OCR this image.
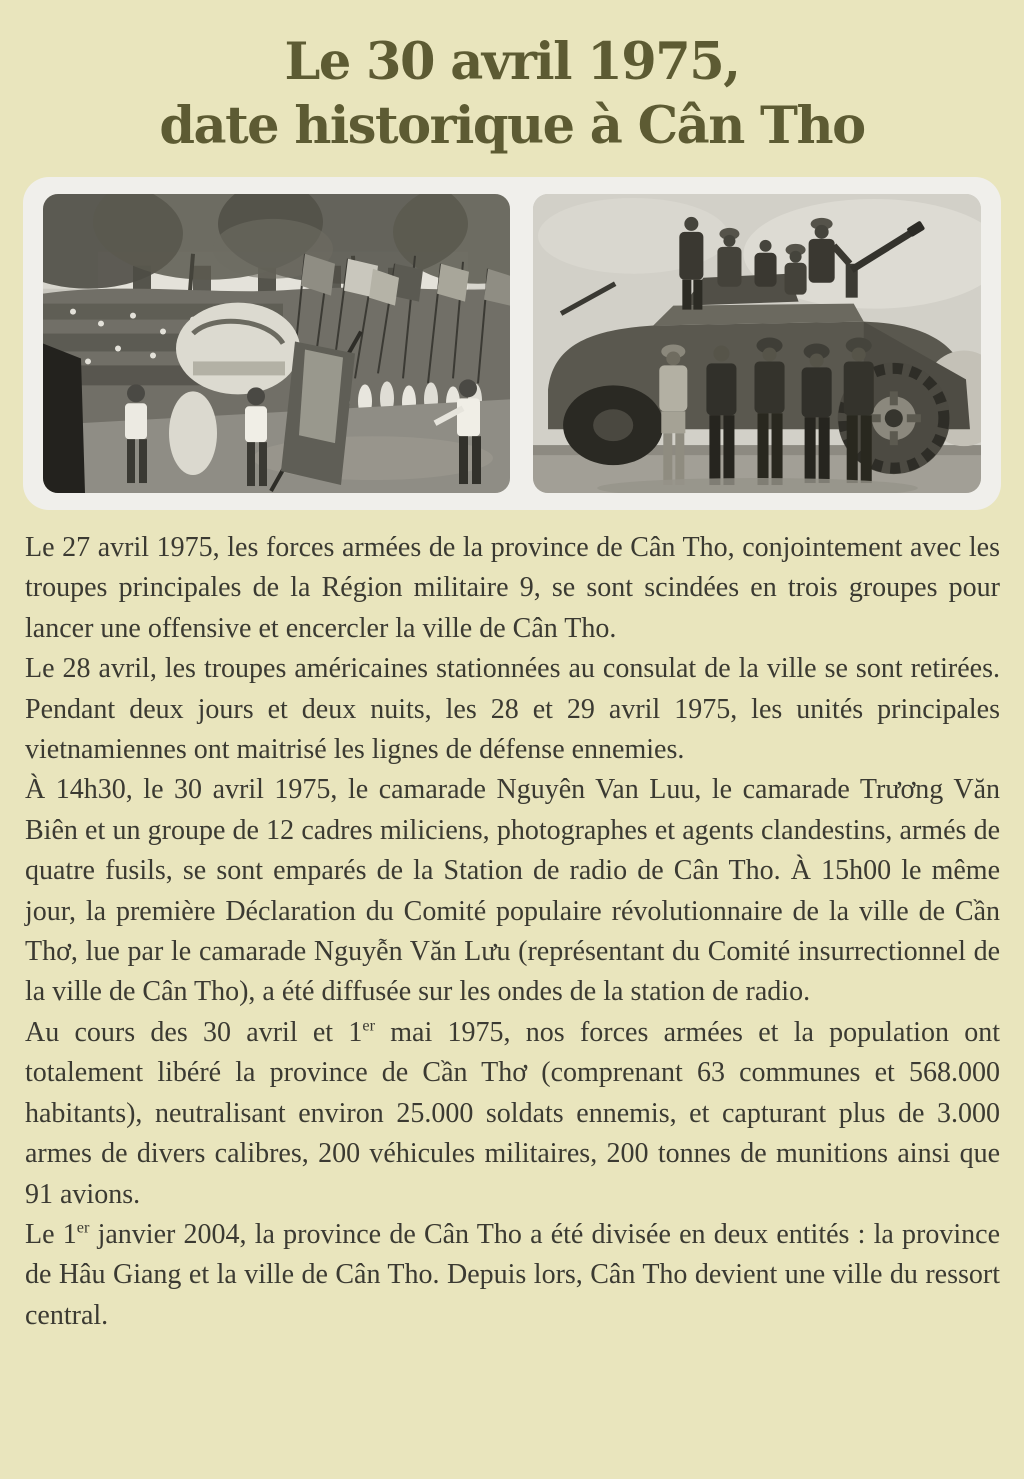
Le 30 avril 1975,
date historique à Cân Tho

Le 27 avril 1975, les forces armées de la province de Cân Tho, conjointement avec les troupes principales de la Région militaire 9, se sont scindées en trois groupes pour lancer une offensive et encercler la ville de Cân Tho.

Le 28 avril, les troupes américaines stationnées au consulat de la ville se sont retirées. Pendant deux jours et deux nuits, les 28 et 29 avril 1975, les unités principales vietnamiennes ont maitrisé les lignes de défense ennemies.

À 14h30, le 30 avril 1975, le camarade Nguyên Van Luu, le camarade Trương Văn Biên et un groupe de 12 cadres miliciens, photographes et agents clandestins, armés de quatre fusils, se sont emparés de la Station de radio de Cân Tho. À 15h00 le même jour, la première Déclaration du Comité populaire révolutionnaire de la ville de Cần Thơ, lue par le camarade Nguyễn Văn Lưu (représentant du Comité insurrectionnel de la ville de Cân Tho), a été diffusée sur les ondes de la station de radio.

Au cours des 30 avril et 1er mai 1975, nos forces armées et la population ont totalement libéré la province de Cần Thơ (comprenant 63 communes et 568.000 habitants), neutralisant environ 25.000 soldats ennemis, et capturant plus de 3.000 armes de divers calibres, 200 véhicules militaires, 200 tonnes de munitions ainsi que 91 avions.

Le 1er janvier 2004, la province de Cân Tho a été divisée en deux entités : la province de Hâu Giang et la ville de Cân Tho. Depuis lors, Cân Tho devient une ville du ressort central.
